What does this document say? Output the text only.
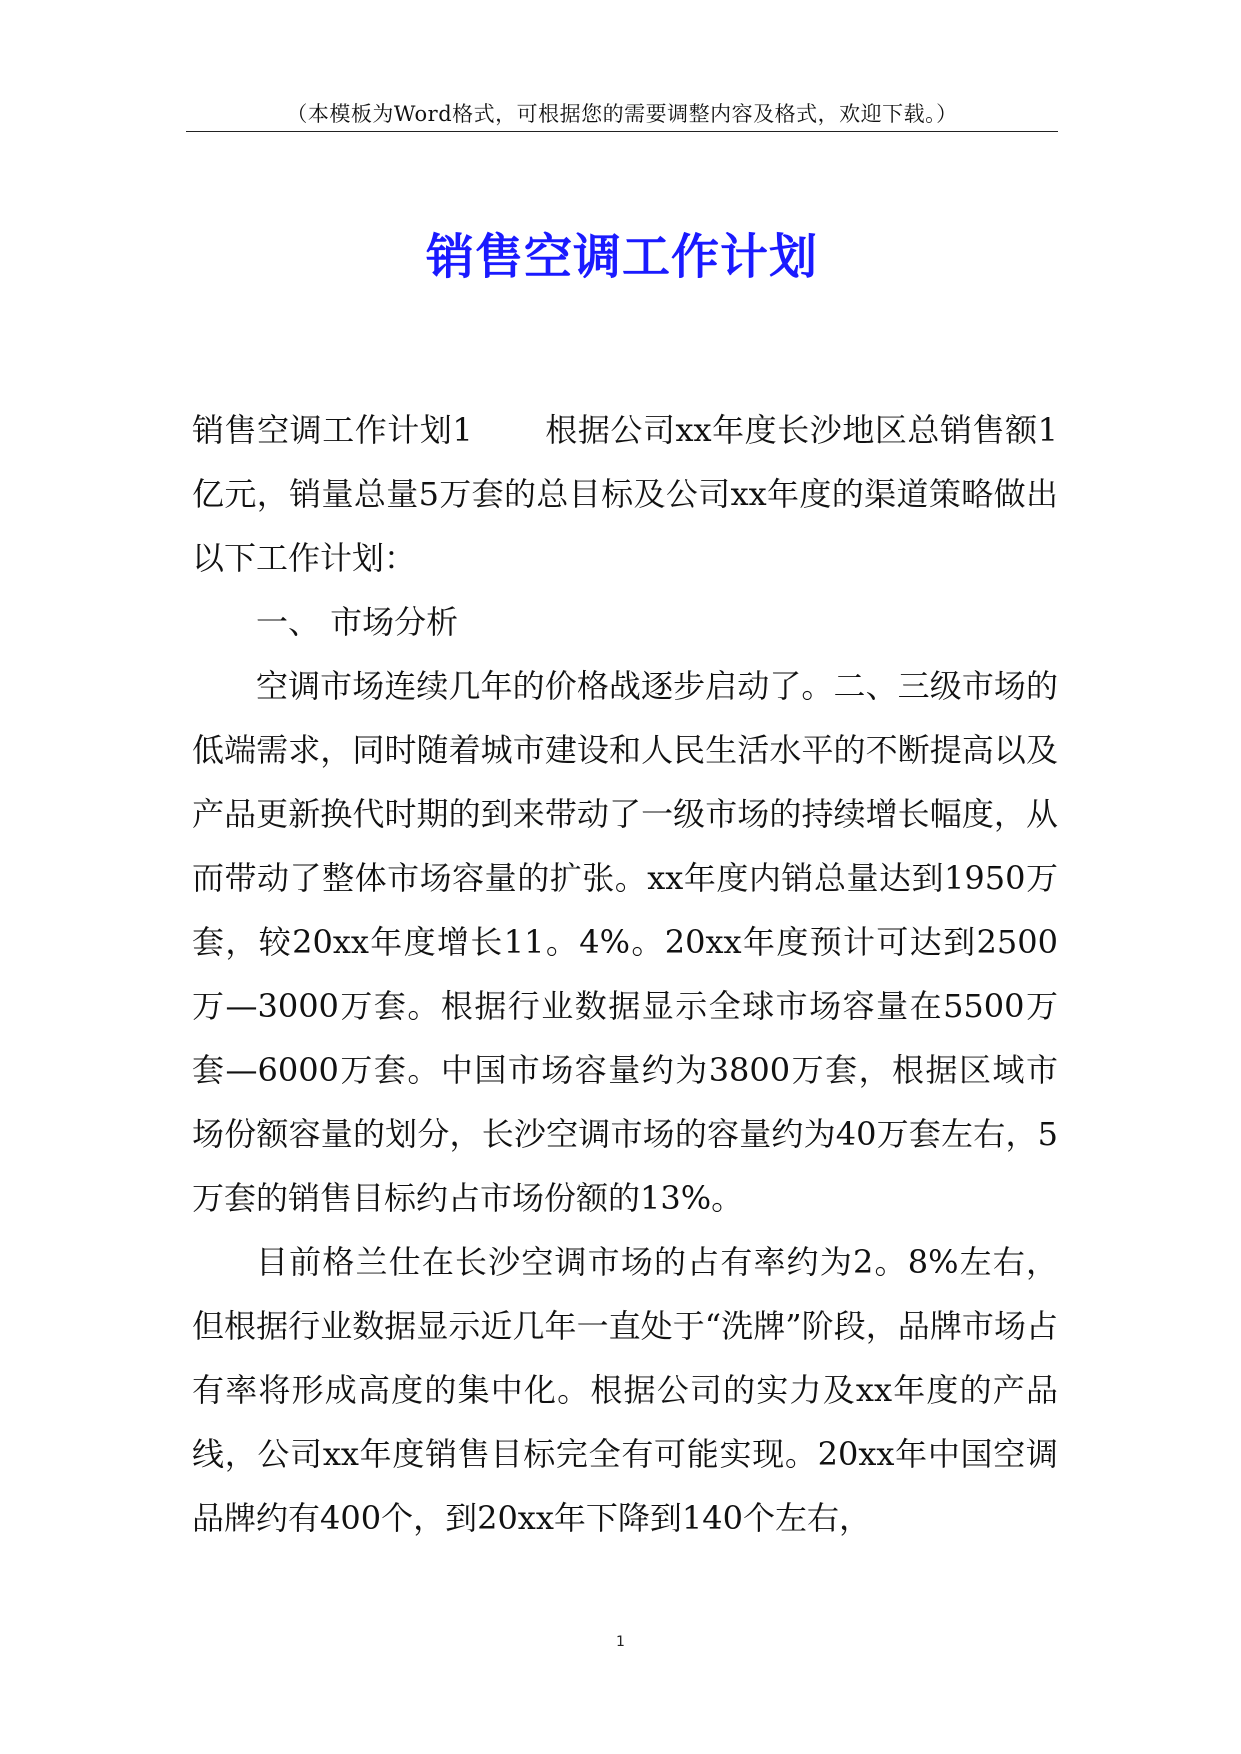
（本模板为Word格式，可根据您的需要调整内容及格式，欢迎下载。）
销售空调工作计划

销售空调工作计划1 根据公司xx年度长沙地区总销售额1亿元，销量总量5万套的总目标及公司xx年度的渠道策略做出以下工作计划：

一、 市场分析

空调市场连续几年的价格战逐步启动了。二、三级市场的低端需求，同时随着城市建设和人民生活水平的不断提高以及产品更新换代时期的到来带动了一级市场的持续增长幅度，从而带动了整体市场容量的扩张。xx年度内销总量达到1950万套，较20xx年度增长11。4%。20xx年度预计可达到2500万—3000万套。根据行业数据显示全球市场容量在5500万套—6000万套。中国市场容量约为3800万套，根据区域市场份额容量的划分，长沙空调市场的容量约为40万套左右，5万套的销售目标约占市场份额的13%。

目前格兰仕在长沙空调市场的占有率约为2。8%左右，但根据行业数据显示近几年一直处于“洗牌”阶段，品牌市场占有率将形成高度的集中化。根据公司的实力及xx年度的产品线，公司xx年度销售目标完全有可能实现。20xx年中国空调品牌约有400个，到20xx年下降到140个左右，

1
